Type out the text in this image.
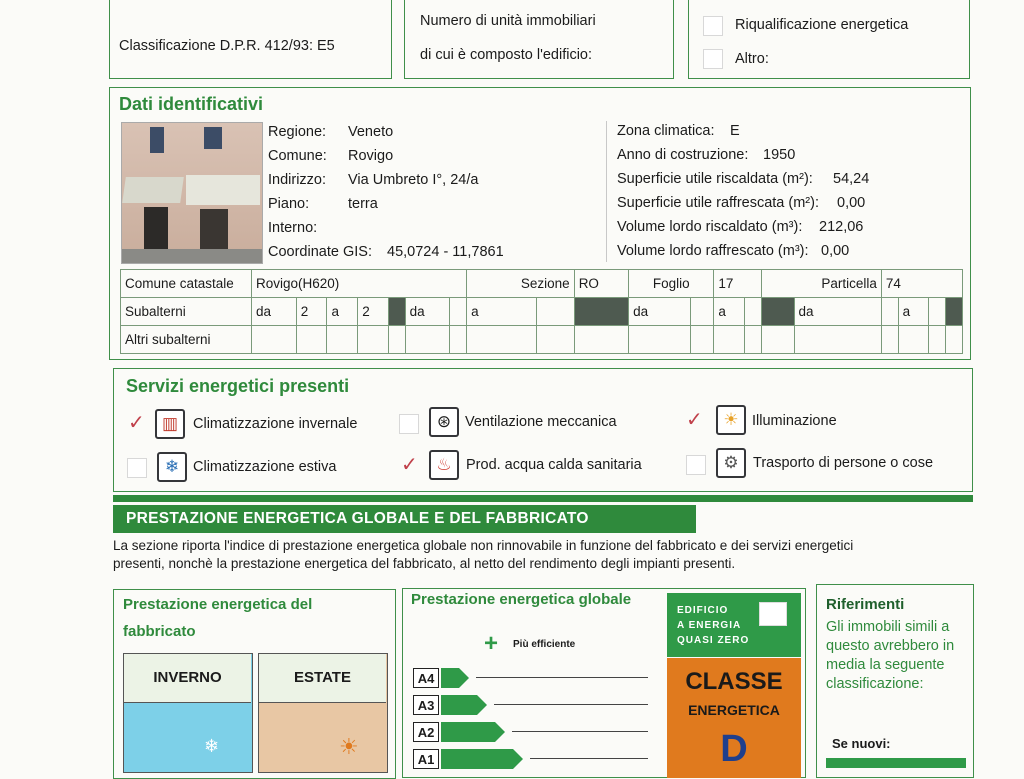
Classificazione D.P.R. 412/93: E5
Numero di unità immobiliari
di cui è composto l'edificio:
Riqualificazione energetica
Altro:
Dati identificativi
Regione: Veneto
Comune: Rovigo
Indirizzo: Via Umbreto I°, 24/a
Piano:	terra
Interno:
Coordinate GIS: 45,0724 - 11,7861
Zona climatica: E
Anno di costruzione: 1950
Superficie utile riscaldata (m²): 54,24
Superficie utile raffrescata (m²): 0,00
Volume lordo riscaldato (m³): 212,06
Volume lordo raffrescato (m³): 0,00
Comune catastale	Rovigo(H620)							Sezione		RO	Foglio		17		Particella		74			
Subalterni	da	2	a	2		da		a			da		a			da		a		
Altri subalterni																				
Servizi energetici presenti
✓	▥	Climatizzazione invernale	⊛ Ventilazione meccanica	✓	☀ Illuminazione
❄ Climatizzazione estiva	✓	♨ Prod. acqua calda sanitaria	⚙ Trasporto di persone o cose
PRESTAZIONE ENERGETICA GLOBALE E DEL FABBRICATO
La sezione riporta l'indice di prestazione energetica globale non rinnovabile in funzione del fabbricato e dei servizi energetici
presenti, nonchè la prestazione energetica del fabbricato, al netto del rendimento degli impianti presenti.
Prestazione energetica del
fabbricato
INVERNO
❄
ESTATE
☀
Prestazione energetica globale
+ Più efficiente
A4
A3
A2
A1
EDIFICIO
A ENERGIA
QUASI ZERO
CLASSE
ENERGETICA
D
Riferimenti
Gli immobili simili a
questo avrebbero in
media la seguente
classificazione:
Se nuovi:
